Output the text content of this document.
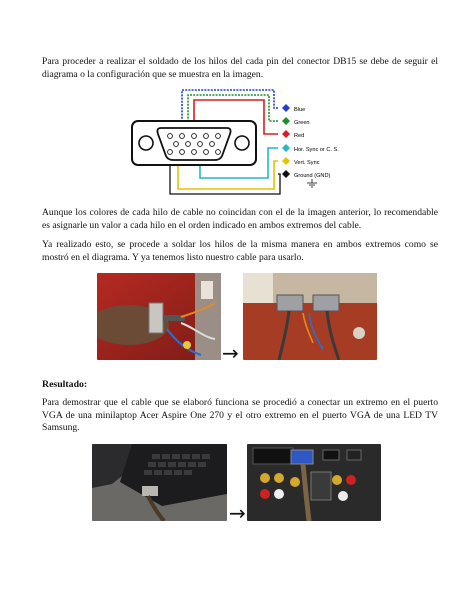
Para proceder a realizar el soldado de los hilos del cada pin del conector DB15 se debe de seguir el diagrama o la configuración que se muestra en la imagen.

Blue
Green
Red
Hor. Sync or C. S.
Vert. Sync
Ground (GND)

Aunque los colores de cada hilo de cable no coincidan con el de la imagen anterior, lo recomendable es asignarle un valor a cada hilo en el orden indicado en ambos extremos del cable.

Ya realizado esto, se procede a soldar los hilos de la misma manera en ambos extremos como se mostró en el diagrama. Y ya tenemos listo nuestro cable para usarlo.

→

Resultado:

Para demostrar que el cable que se elaboró funciona se procedió a conectar un extremo en el puerto VGA de una minilaptop Acer Aspire One 270 y el otro extremo en el puerto VGA de una LED TV Samsung.

→
